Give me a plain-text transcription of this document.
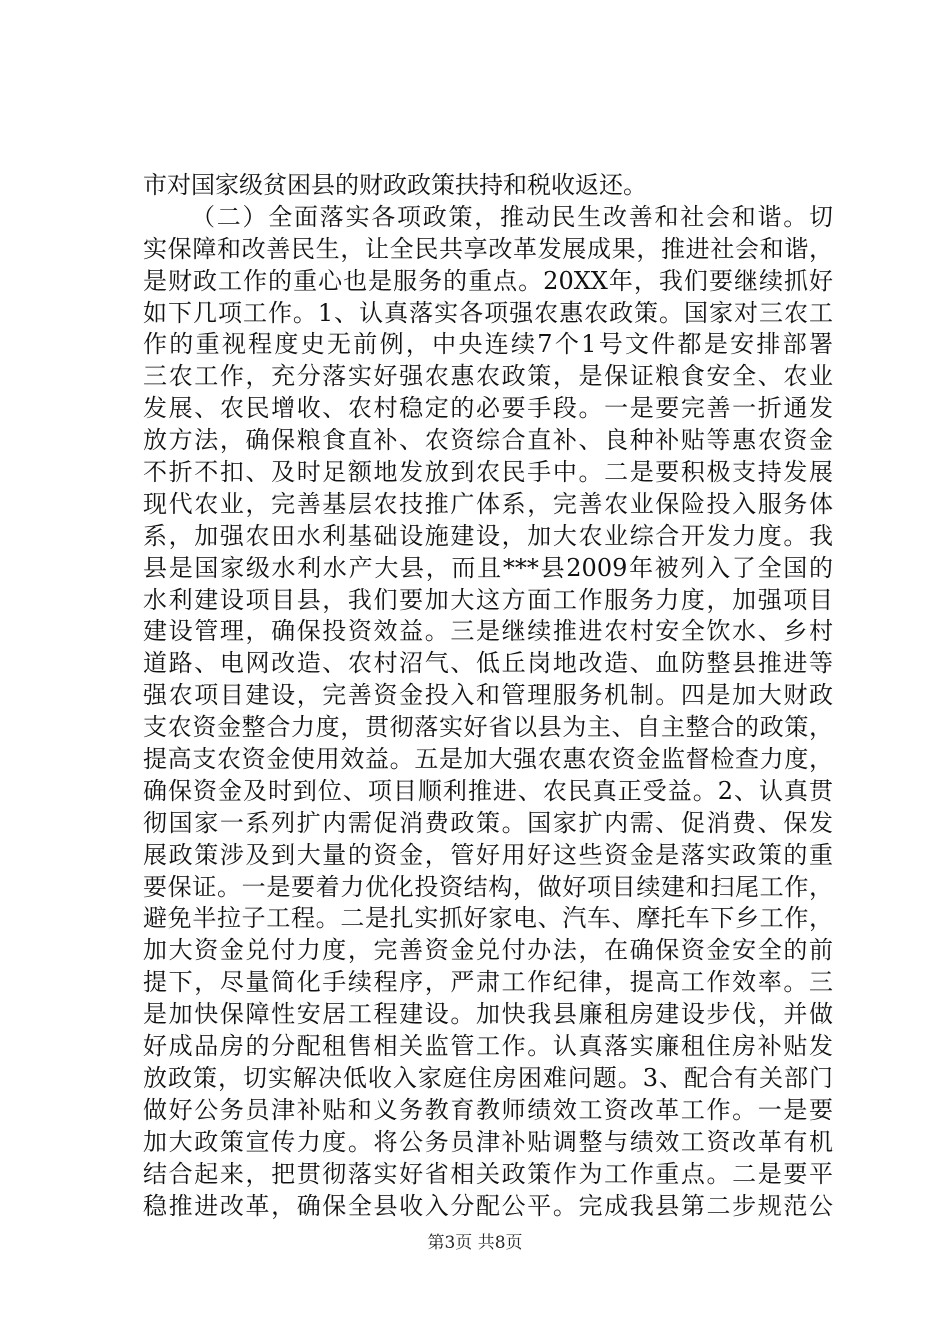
市对国家级贫困县的财政政策扶持和税收返还。
（二）全面落实各项政策，推动民生改善和社会和谐。切
实保障和改善民生，让全民共享改革发展成果，推进社会和谐，
是财政工作的重心也是服务的重点。20XX年，我们要继续抓好
如下几项工作。1、认真落实各项强农惠农政策。国家对三农工
作的重视程度史无前例，中央连续7个1号文件都是安排部署
三农工作，充分落实好强农惠农政策，是保证粮食安全、农业
发展、农民增收、农村稳定的必要手段。一是要完善一折通发
放方法，确保粮食直补、农资综合直补、良种补贴等惠农资金
不折不扣、及时足额地发放到农民手中。二是要积极支持发展
现代农业，完善基层农技推广体系，完善农业保险投入服务体
系，加强农田水利基础设施建设，加大农业综合开发力度。我
县是国家级水利水产大县，而且***县2009年被列入了全国的
水利建设项目县，我们要加大这方面工作服务力度，加强项目
建设管理，确保投资效益。三是继续推进农村安全饮水、乡村
道路、电网改造、农村沼气、低丘岗地改造、血防整县推进等
强农项目建设，完善资金投入和管理服务机制。四是加大财政
支农资金整合力度，贯彻落实好省以县为主、自主整合的政策，
提高支农资金使用效益。五是加大强农惠农资金监督检查力度，
确保资金及时到位、项目顺利推进、农民真正受益。2、认真贯
彻国家一系列扩内需促消费政策。国家扩内需、促消费、保发
展政策涉及到大量的资金，管好用好这些资金是落实政策的重
要保证。一是要着力优化投资结构，做好项目续建和扫尾工作，
避免半拉子工程。二是扎实抓好家电、汽车、摩托车下乡工作，
加大资金兑付力度，完善资金兑付办法，在确保资金安全的前
提下，尽量简化手续程序，严肃工作纪律，提高工作效率。三
是加快保障性安居工程建设。加快我县廉租房建设步伐，并做
好成品房的分配租售相关监管工作。认真落实廉租住房补贴发
放政策，切实解决低收入家庭住房困难问题。3、配合有关部门
做好公务员津补贴和义务教育教师绩效工资改革工作。一是要
加大政策宣传力度。将公务员津补贴调整与绩效工资改革有机
结合起来，把贯彻落实好省相关政策作为工作重点。二是要平
稳推进改革，确保全县收入分配公平。完成我县第二步规范公
第3页 共8页
